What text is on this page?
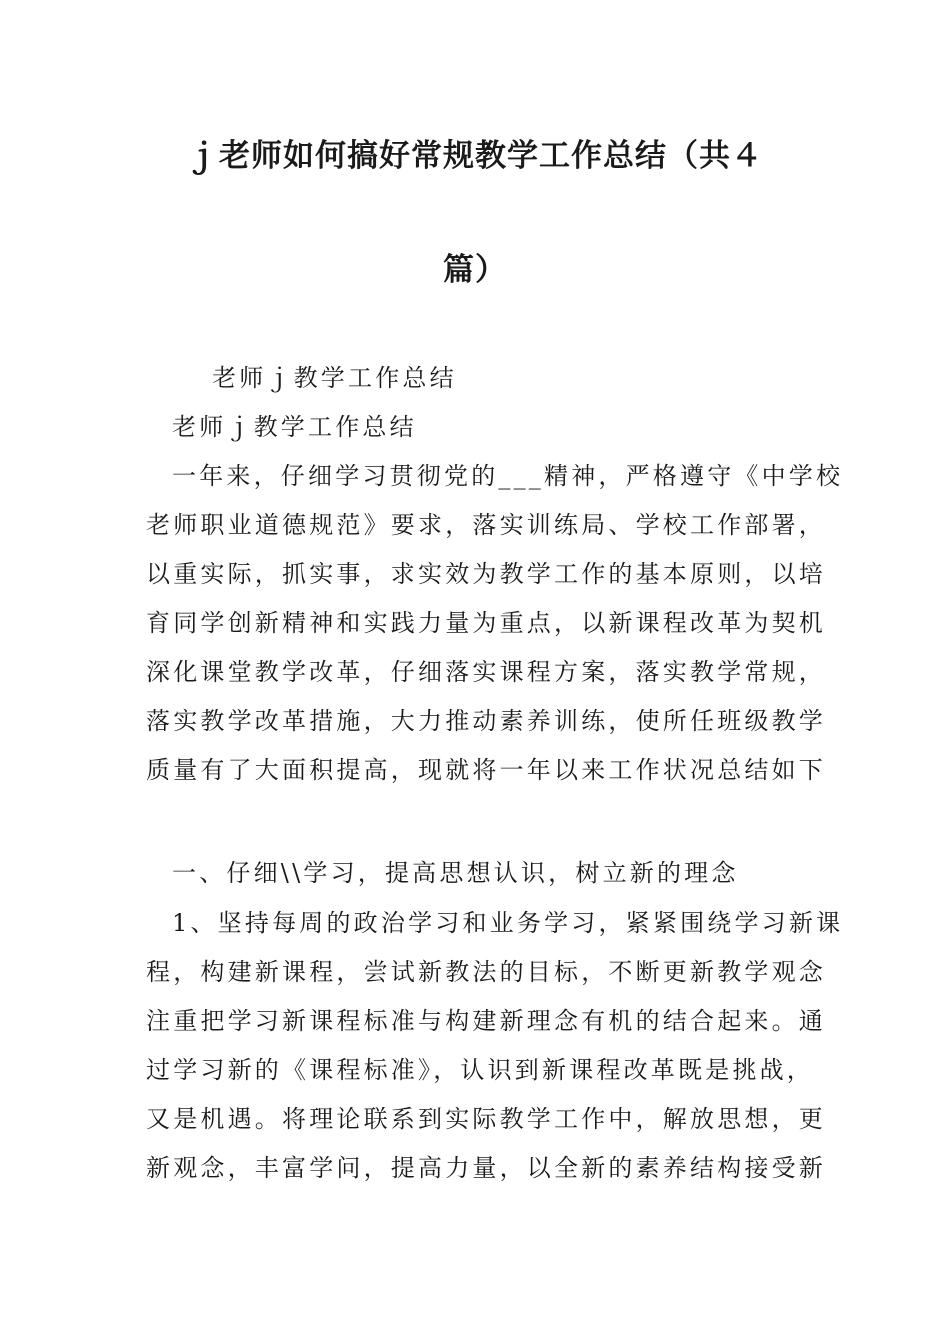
ｊ老师如何搞好常规教学工作总结（共４
篇）
老师ｊ教学工作总结
老师ｊ教学工作总结
一年来，仔细学习贯彻党的___精神，严格遵守《中学校
老师职业道德规范》要求，落实训练局、学校工作部署，
以重实际，抓实事，求实效为教学工作的基本原则，以培
育同学创新精神和实践力量为重点，以新课程改革为契机
深化课堂教学改革，仔细落实课程方案，落实教学常规，
落实教学改革措施，大力推动素养训练，使所任班级教学
质量有了大面积提高，现就将一年以来工作状况总结如下
一、仔细\\学习，提高思想认识，树立新的理念
1、坚持每周的政治学习和业务学习，紧紧围绕学习新课
程，构建新课程，尝试新教法的目标，不断更新教学观念
注重把学习新课程标准与构建新理念有机的结合起来。通
过学习新的《课程标准》，认识到新课程改革既是挑战，
又是机遇。将理论联系到实际教学工作中，解放思想，更
新观念，丰富学问，提高力量，以全新的素养结构接受新
